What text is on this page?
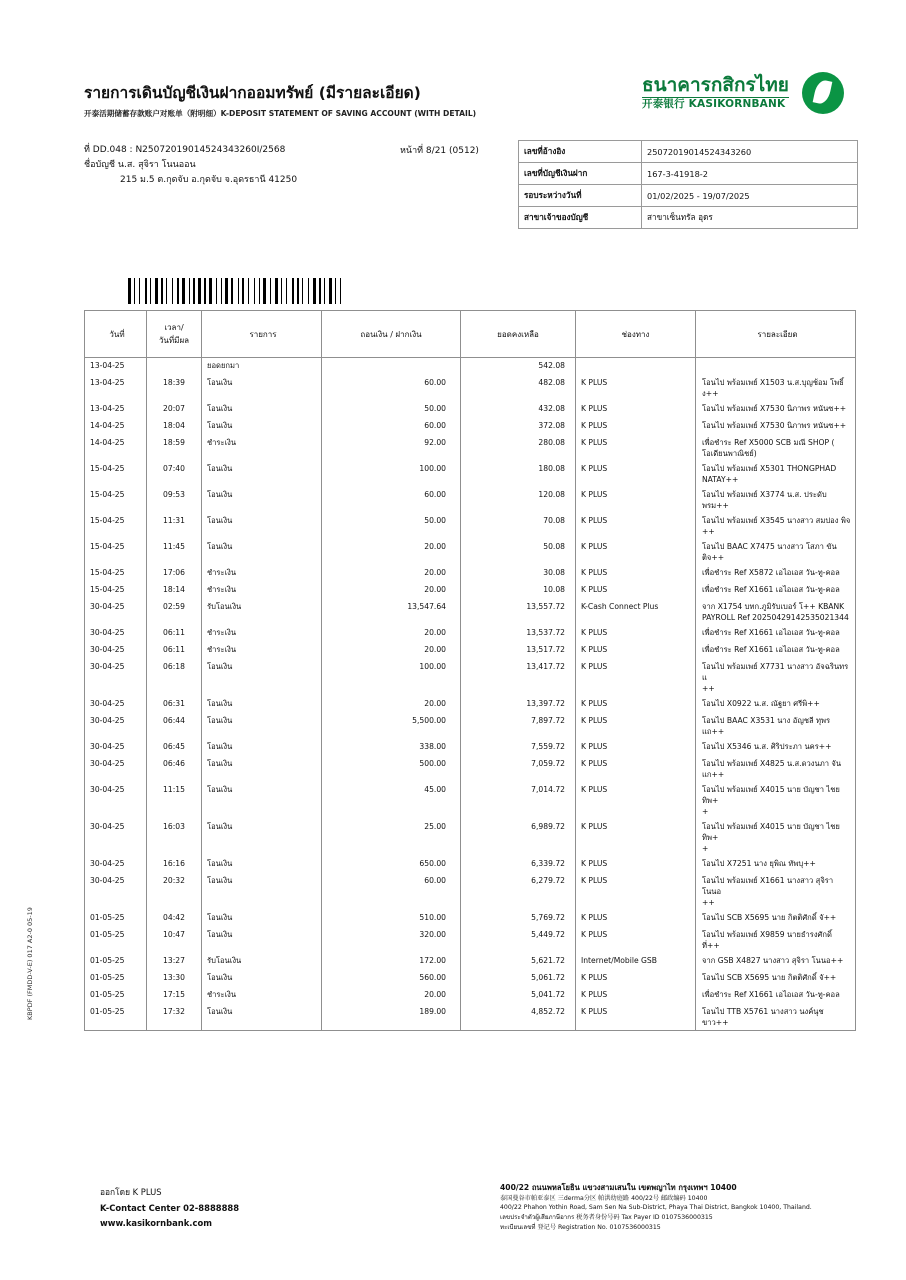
รายการเดินบัญชีเงินฝากออมทรัพย์ (มีรายละเอียด)
开泰活期储蓄存款账户对账单（附明细）K-DEPOSIT STATEMENT OF SAVING ACCOUNT (WITH DETAIL)
ธนาคารกสิกรไทย
开泰银行 KASIKORNBANK

ที่ DD.048 : N25072019014524343260I/2568
ชื่อบัญชี น.ส. สุจิรา โนนออน
215 ม.5 ต.กุดจับ อ.กุดจับ จ.อุดรธานี 41250
หน้าที่ 8/21 (0512)	เลขที่อ้างอิง	25072019014524343260
เลขที่บัญชีเงินฝาก	167-3-41918-2
รอบระหว่างวันที่	01/02/2025 - 19/07/2025
สาขาเจ้าของบัญชี	สาขาเซ็นทรัล อุดร
วันที่	เวลา/
วันที่มีผล	รายการ	ถอนเงิน / ฝากเงิน	ยอดคงเหลือ	ช่องทาง	รายละเอียด
13-04-25		ยอดยกมา		542.08		
13-04-25	18:39	โอนเงิน	60.00	482.08	K PLUS	โอนไป พร้อมเพย์ X1503 น.ส.บุญช้อม โพธิ์ง++
13-04-25	20:07	โอนเงิน	50.00	432.08	K PLUS	โอนไป พร้อมเพย์ X7530 นิภาพร หนันซ++
14-04-25	18:04	โอนเงิน	60.00	372.08	K PLUS	โอนไป พร้อมเพย์ X7530 นิภาพร หนันซ++
14-04-25	18:59	ชำระเงิน	92.00	280.08	K PLUS	เพื่อชำระ Ref X5000 SCB มณี SHOP (
โอเดียนพาณิชย์)
15-04-25	07:40	โอนเงิน	100.00	180.08	K PLUS	โอนไป พร้อมเพย์ X5301 THONGPHAD
NATAY++
15-04-25	09:53	โอนเงิน	60.00	120.08	K PLUS	โอนไป พร้อมเพย์ X3774 น.ส. ประดับ พรม++
15-04-25	11:31	โอนเงิน	50.00	70.08	K PLUS	โอนไป พร้อมเพย์ X3545 นางสาว สมปอง พิจ
++
15-04-25	11:45	โอนเงิน	20.00	50.08	K PLUS	โอนไป BAAC X7475 นางสาว โสภา ขันติจ++
15-04-25	17:06	ชำระเงิน	20.00	30.08	K PLUS	เพื่อชำระ Ref X5872 เอไอเอส วัน-ทู-คอล
15-04-25	18:14	ชำระเงิน	20.00	10.08	K PLUS	เพื่อชำระ Ref X1661 เอไอเอส วัน-ทู-คอล
30-04-25	02:59	รับโอนเงิน	13,547.64	13,557.72	K-Cash Connect Plus	จาก X1754 บทก.ภูมิรับเบอร์ โ++ KBANK
PAYROLL Ref 20250429142535021344
30-04-25	06:11	ชำระเงิน	20.00	13,537.72	K PLUS	เพื่อชำระ Ref X1661 เอไอเอส วัน-ทู-คอล
30-04-25	06:11	ชำระเงิน	20.00	13,517.72	K PLUS	เพื่อชำระ Ref X1661 เอไอเอส วัน-ทู-คอล
30-04-25	06:18	โอนเงิน	100.00	13,417.72	K PLUS	โอนไป พร้อมเพย์ X7731 นางสาว อัจฉรินทร แ
++
30-04-25	06:31	โอนเงิน	20.00	13,397.72	K PLUS	โอนไป X0922 น.ส. ณัฐยา ศรีพิ++
30-04-25	06:44	โอนเงิน	5,500.00	7,897.72	K PLUS	โอนไป BAAC X3531 นาง อัญชลี ทุพรแถ++
30-04-25	06:45	โอนเงิน	338.00	7,559.72	K PLUS	โอนไป X5346 น.ส. ศิริประภา นคร++
30-04-25	06:46	โอนเงิน	500.00	7,059.72	K PLUS	โอนไป พร้อมเพย์ X4825 น.ส.ดวงนภา จันแก++
30-04-25	11:15	โอนเงิน	45.00	7,014.72	K PLUS	โอนไป พร้อมเพย์ X4015 นาย บัญชา ไชยทิพ+
+
30-04-25	16:03	โอนเงิน	25.00	6,989.72	K PLUS	โอนไป พร้อมเพย์ X4015 นาย บัญชา ไชยทิพ+
+
30-04-25	16:16	โอนเงิน	650.00	6,339.72	K PLUS	โอนไป X7251 นาง ยุพิณ ทัพบุ++
30-04-25	20:32	โอนเงิน	60.00	6,279.72	K PLUS	โอนไป พร้อมเพย์ X1661 นางสาว สุจิรา โนนอ
++
01-05-25	04:42	โอนเงิน	510.00	5,769.72	K PLUS	โอนไป SCB X5695 นาย กิตติศักดิ์ จั++
01-05-25	10:47	โอนเงิน	320.00	5,449.72	K PLUS	โอนไป พร้อมเพย์ X9859 นายธำรงศักดิ์ ที่++
01-05-25	13:27	รับโอนเงิน	172.00	5,621.72	Internet/Mobile GSB	จาก GSB X4827 นางสาว สุจิรา โนนอ++
01-05-25	13:30	โอนเงิน	560.00	5,061.72	K PLUS	โอนไป SCB X5695 นาย กิตติศักดิ์ จั++
01-05-25	17:15	ชำระเงิน	20.00	5,041.72	K PLUS	เพื่อชำระ Ref X1661 เอไอเอส วัน-ทู-คอล
01-05-25	17:32	โอนเงิน	189.00	4,852.72	K PLUS	โอนไป TTB X5761 นางสาว นงค์นุช ขาว++
ออกโดย K PLUS
K-Contact Center 02-8888888
www.kasikornbank.com
400/22 ถนนพหลโยธิน แขวงสามเสนใน เขตพญาไท กรุงเทพฯ 10400
泰国曼谷市帕亚泰区 三derma分区 帕洪幼庭路 400/22号 邮政编码 10400
400/22 Phahon Yothin Road, Sam Sen Na Sub-District, Phaya Thai District, Bangkok 10400, Thailand.
เลขประจำตัวผู้เสียภาษีอากร 税务者身份号码 Tax Payer ID 0107536000315
ทะเบียนเลขที่ 登记号 Registration No. 0107536000315
KBPDF (FMDD-V-E) 017 A2-0 05-19
